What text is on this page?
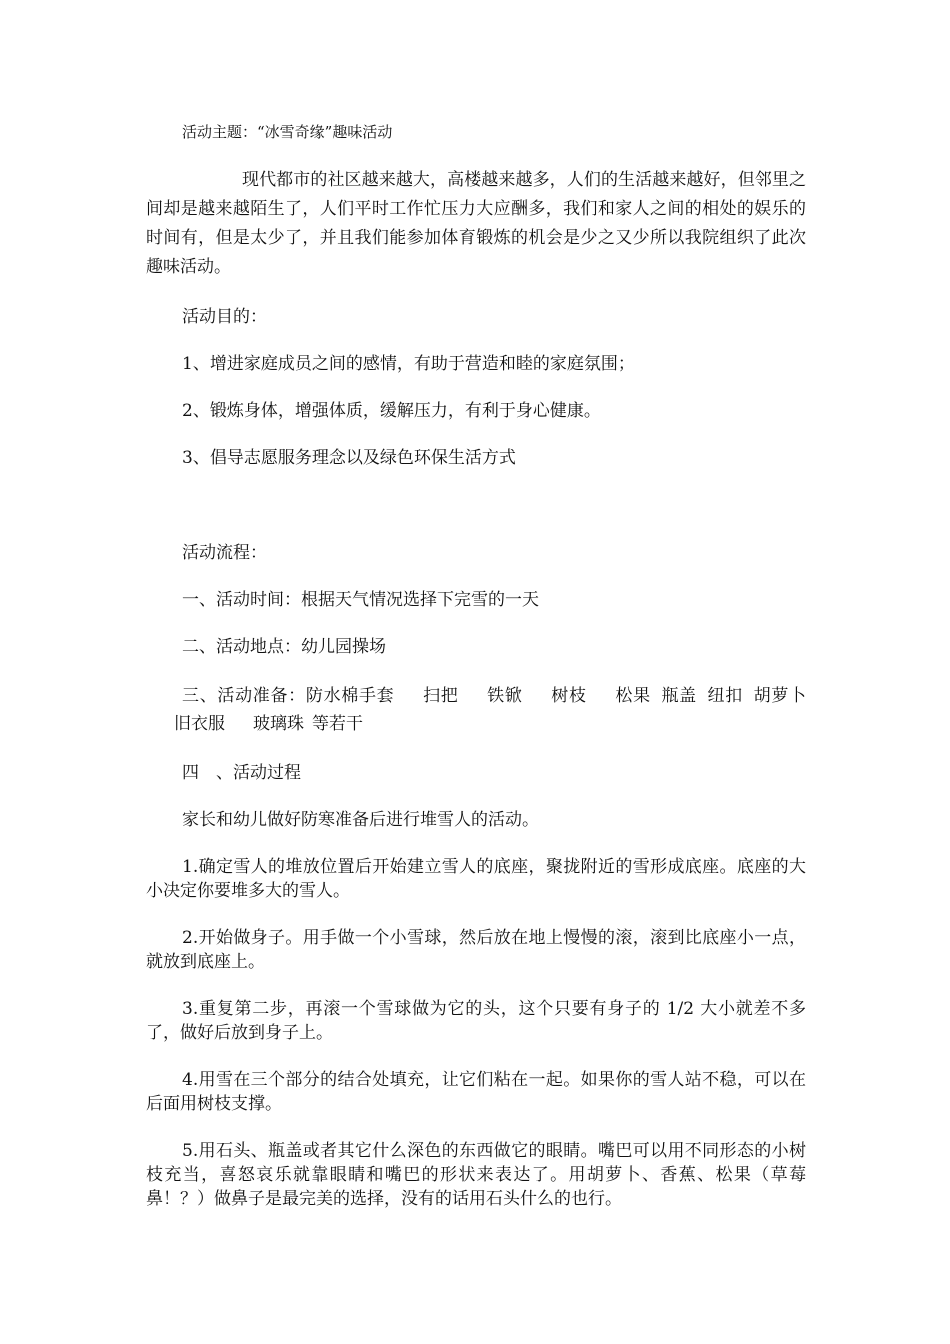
活动主题：“冰雪奇缘”趣味活动

现代都市的社区越来越大，高楼越来越多，人们的生活越来越好，但邻里之间却是越来越陌生了，人们平时工作忙压力大应酬多，我们和家人之间的相处的娱乐的时间有，但是太少了，并且我们能参加体育锻炼的机会是少之又少所以我院组织了此次趣味活动。

活动目的：

1、增进家庭成员之间的感情，有助于营造和睦的家庭氛围；

2、锻炼身体，增强体质，缓解压力，有利于身心健康。

3、倡导志愿服务理念以及绿色环保生活方式

活动流程：

一、活动时间：根据天气情况选择下完雪的一天

二、活动地点：幼儿园操场

三、活动准备：防水棉手套 扫把 铁锨 树枝 松果 瓶盖 纽扣 胡萝卜旧衣服 玻璃珠 等若干

四　、活动过程

家长和幼儿做好防寒准备后进行堆雪人的活动。

1.确定雪人的堆放位置后开始建立雪人的底座，聚拢附近的雪形成底座。底座的大小决定你要堆多大的雪人。

2.开始做身子。用手做一个小雪球，然后放在地上慢慢的滚，滚到比底座小一点，就放到底座上。

3.重复第二步，再滚一个雪球做为它的头，这个只要有身子的 1/2 大小就差不多了，做好后放到身子上。

4.用雪在三个部分的结合处填充，让它们粘在一起。如果你的雪人站不稳，可以在后面用树枝支撑。

5.用石头、瓶盖或者其它什么深色的东西做它的眼睛。嘴巴可以用不同形态的小树枝充当，喜怒哀乐就靠眼睛和嘴巴的形状来表达了。用胡萝卜、香蕉、松果（草莓鼻！？）做鼻子是最完美的选择，没有的话用石头什么的也行。
